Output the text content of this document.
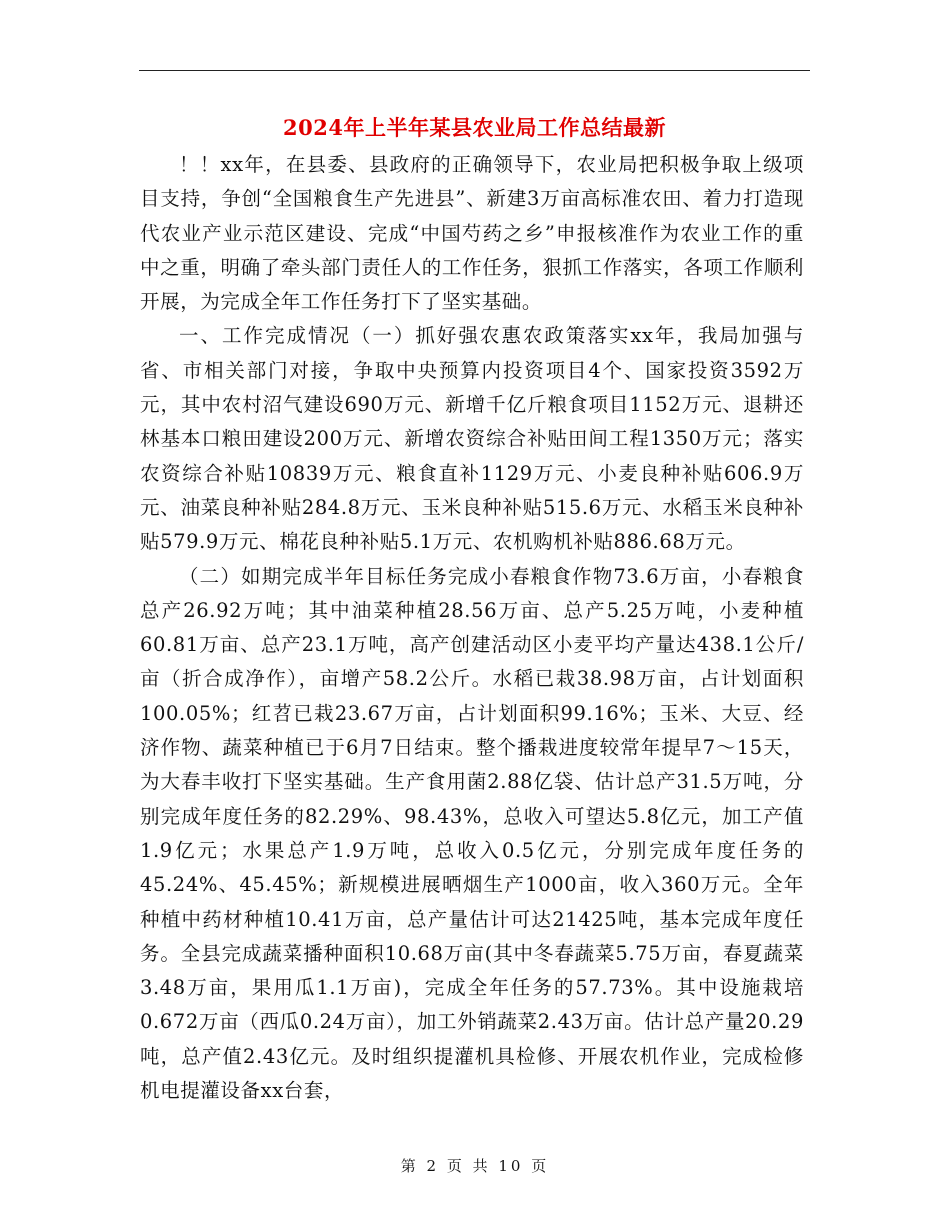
2024年上半年某县农业局工作总结最新

！！xx年，在县委、县政府的正确领导下，农业局把积极争取上级项目支持，争创“全国粮食生产先进县”、新建3万亩高标准农田、着力打造现代农业产业示范区建设、完成“中国芍药之乡”申报核准作为农业工作的重中之重，明确了牵头部门责任人的工作任务，狠抓工作落实，各项工作顺利开展，为完成全年工作任务打下了坚实基础。

一、工作完成情况（一）抓好强农惠农政策落实xx年，我局加强与省、市相关部门对接，争取中央预算内投资项目4个、国家投资3592万元，其中农村沼气建设690万元、新增千亿斤粮食项目1152万元、退耕还林基本口粮田建设200万元、新增农资综合补贴田间工程1350万元；落实农资综合补贴10839万元、粮食直补1129万元、小麦良种补贴606.9万元、油菜良种补贴284.8万元、玉米良种补贴515.6万元、水稻玉米良种补贴579.9万元、棉花良种补贴5.1万元、农机购机补贴886.68万元。

（二）如期完成半年目标任务完成小春粮食作物73.6万亩，小春粮食总产26.92万吨；其中油菜种植28.56万亩、总产5.25万吨，小麦种植60.81万亩、总产23.1万吨，高产创建活动区小麦平均产量达438.1公斤/亩（折合成净作），亩增产58.2公斤。水稻已栽38.98万亩，占计划面积100.05%；红苕已栽23.67万亩，占计划面积99.16%；玉米、大豆、经济作物、蔬菜种植已于6月7日结束。整个播栽进度较常年提早7～15天，为大春丰收打下坚实基础。生产食用菌2.88亿袋、估计总产31.5万吨，分别完成年度任务的82.29%、98.43%，总收入可望达5.8亿元，加工产值1.9亿元；水果总产1.9万吨，总收入0.5亿元，分别完成年度任务的45.24%、45.45%；新规模进展晒烟生产1000亩，收入360万元。全年种植中药材种植10.41万亩，总产量估计可达21425吨，基本完成年度任务。全县完成蔬菜播种面积10.68万亩(其中冬春蔬菜5.75万亩，春夏蔬菜3.48万亩，果用瓜1.1万亩)，完成全年任务的57.73%。其中设施栽培0.672万亩（西瓜0.24万亩），加工外销蔬菜2.43万亩。估计总产量20.29吨，总产值2.43亿元。及时组织提灌机具检修、开展农机作业，完成检修机电提灌设备xx台套，

第 2 页 共 10 页
